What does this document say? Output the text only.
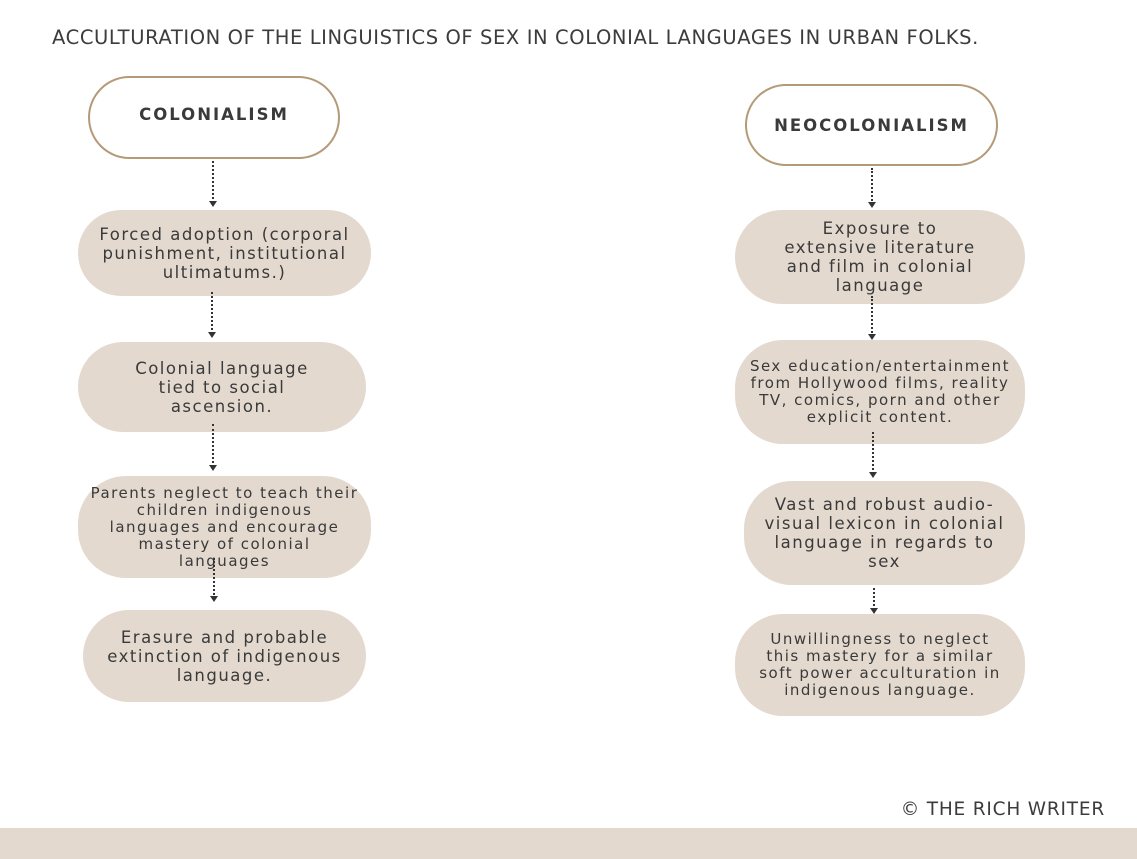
ACCULTURATION OF THE LINGUISTICS OF SEX IN COLONIAL LANGUAGES IN URBAN FOLKS.
COLONIALISM
Forced adoption (corporal punishment, institutional ultimatums.)
Colonial language tied to social ascension.
Parents neglect to teach their children indigenous languages and encourage mastery of colonial languages
Erasure and probable extinction of indigenous language.
NEOCOLONIALISM
Exposure to extensive literature and film in colonial language
Sex education/entertainment from Hollywood films, reality TV, comics, porn and other explicit content.
Vast and robust audio-visual lexicon in colonial language in regards to sex
Unwillingness to neglect this mastery for a similar soft power acculturation in indigenous language.
© THE RICH WRITER
